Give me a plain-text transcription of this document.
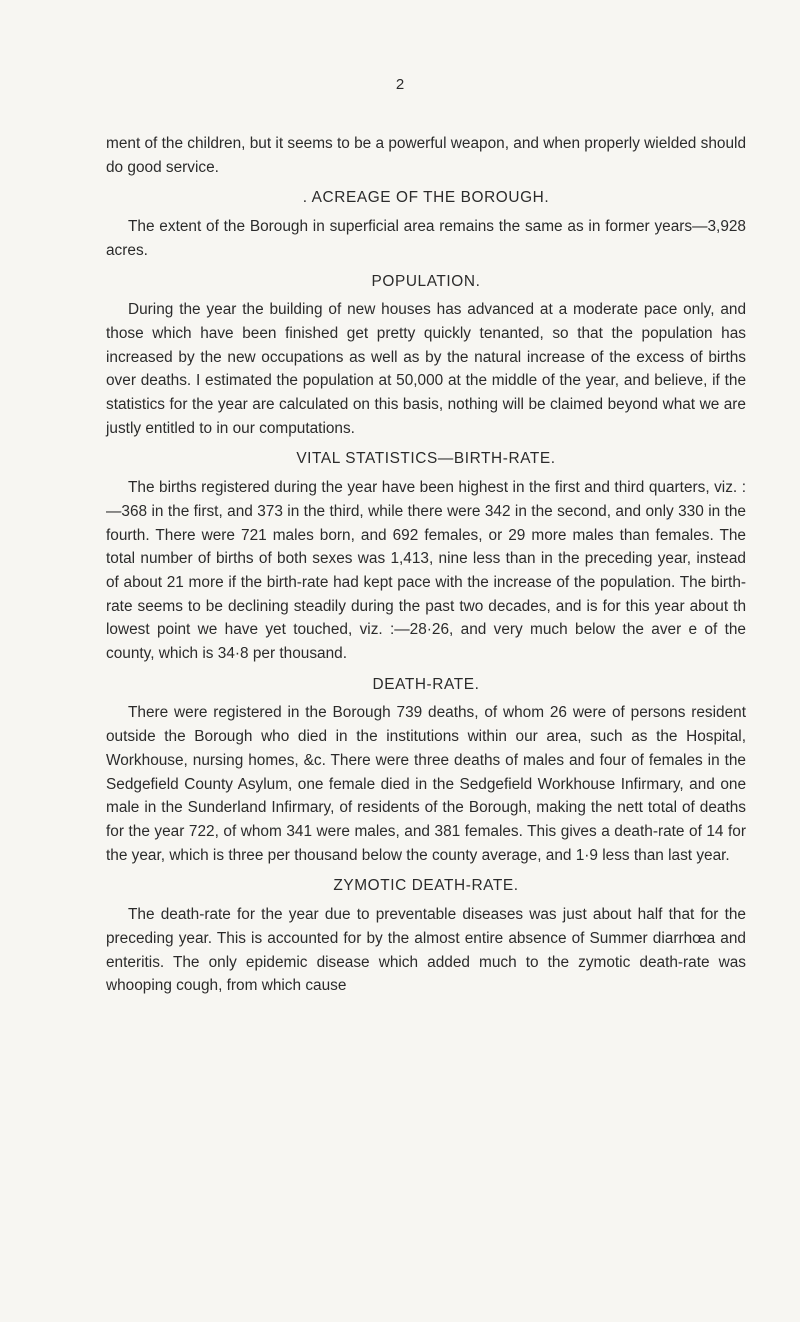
2

ment of the children, but it seems to be a powerful weapon, and when properly wielded should do good service.

. ACREAGE OF THE BOROUGH.

The extent of the Borough in superficial area remains the same as in former years—3,928 acres.

POPULATION.

During the year the building of new houses has advanced at a moderate pace only, and those which have been finished get pretty quickly tenanted, so that the population has increased by the new occupations as well as by the natural increase of the excess of births over deaths. I estimated the population at 50,000 at the middle of the year, and believe, if the statistics for the year are calculated on this basis, nothing will be claimed beyond what we are justly entitled to in our computations.

VITAL STATISTICS—BIRTH-RATE.

The births registered during the year have been highest in the first and third quarters, viz. :—368 in the first, and 373 in the third, while there were 342 in the second, and only 330 in the fourth. There were 721 males born, and 692 females, or 29 more males than females. The total number of births of both sexes was 1,413, nine less than in the preceding year, instead of about 21 more if the birth-rate had kept pace with the increase of the population. The birth-rate seems to be declining steadily during the past two decades, and is for this year about th lowest point we have yet touched, viz. :—28·26, and very much below the aver e of the county, which is 34·8 per thousand.

DEATH-RATE.

There were registered in the Borough 739 deaths, of whom 26 were of persons resident outside the Borough who died in the institutions within our area, such as the Hospital, Workhouse, nursing homes, &c. There were three deaths of males and four of females in the Sedgefield County Asylum, one female died in the Sedgefield Workhouse Infirmary, and one male in the Sunderland Infirmary, of residents of the Borough, making the nett total of deaths for the year 722, of whom 341 were males, and 381 females. This gives a death-rate of 14 for the year, which is three per thousand below the county average, and 1·9 less than last year.

ZYMOTIC DEATH-RATE.

The death-rate for the year due to preventable diseases was just about half that for the preceding year. This is accounted for by the almost entire absence of Summer diarrhœa and enteritis. The only epidemic disease which added much to the zymotic death-rate was whooping cough, from which cause
